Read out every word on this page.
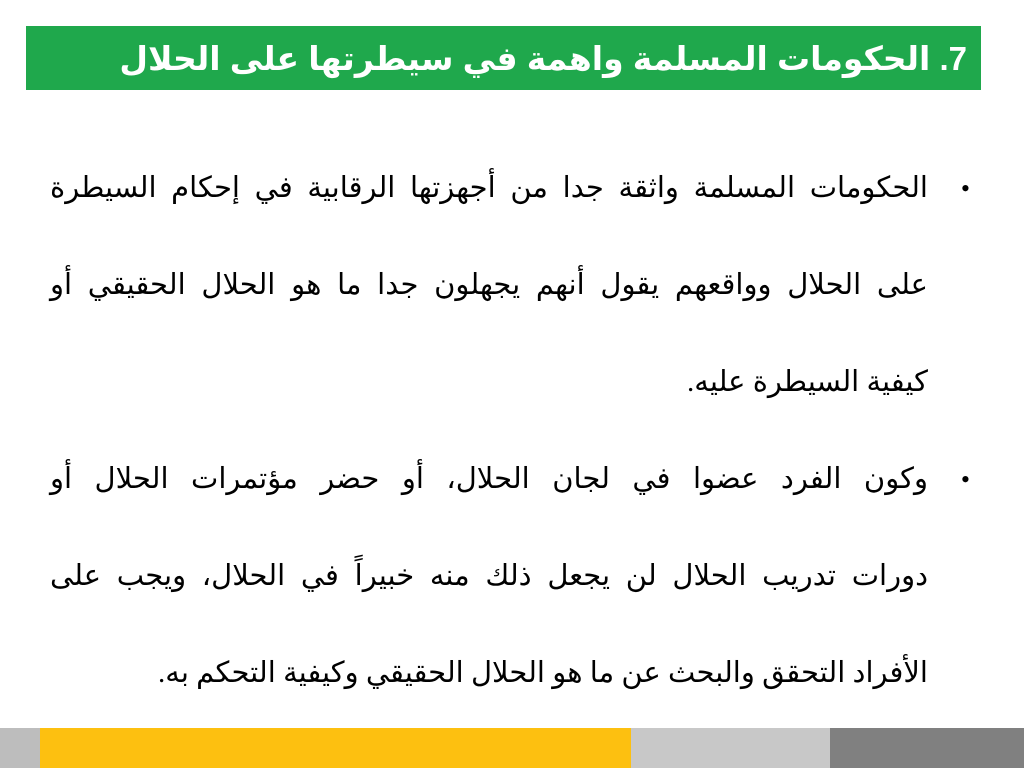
7. الحكومات المسلمة واهمة في سيطرتها على الحلال
•
الحكومات المسلمة واثقة جدا من أجهزتها الرقابية في إحكام السيطرة
على الحلال وواقعهم يقول أنهم يجهلون جدا ما هو الحلال الحقيقي أو
كيفية السيطرة عليه.
•
وكون الفرد عضوا في لجان الحلال، أو حضر مؤتمرات الحلال أو
دورات تدريب الحلال لن يجعل ذلك منه خبيراً في الحلال، ويجب على
الأفراد التحقق والبحث عن ما هو الحلال الحقيقي وكيفية التحكم به.
